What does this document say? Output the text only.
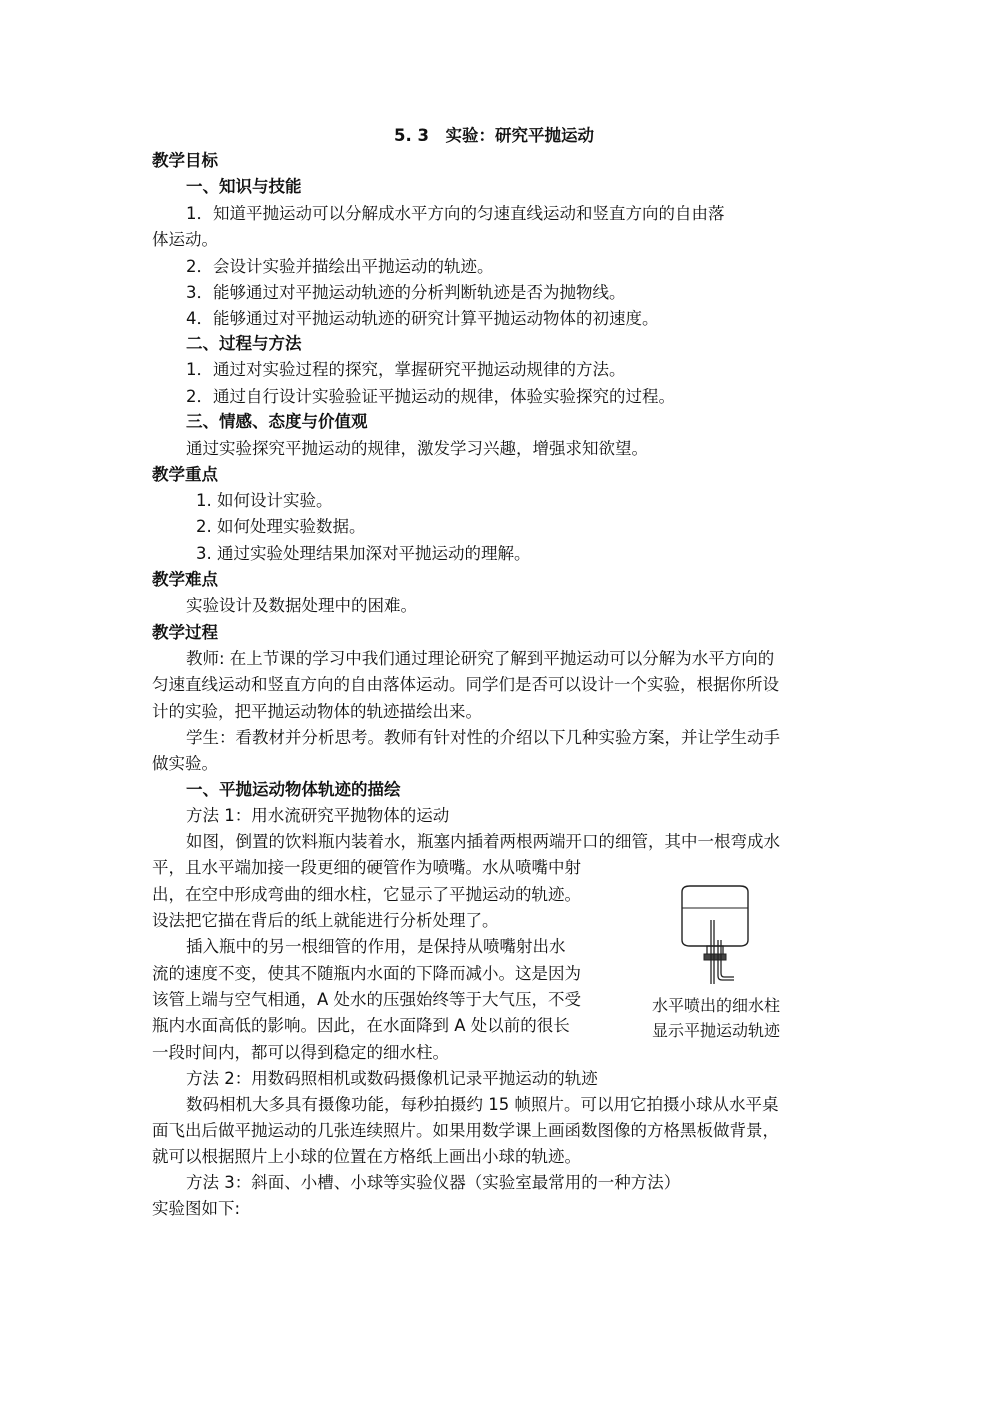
5. 3　实验：研究平抛运动
教学目标
一、知识与技能
1．知道平抛运动可以分解成水平方向的匀速直线运动和竖直方向的自由落
体运动。
2．会设计实验并描绘出平抛运动的轨迹。
3．能够通过对平抛运动轨迹的分析判断轨迹是否为抛物线。
4．能够通过对平抛运动轨迹的研究计算平抛运动物体的初速度。
二、过程与方法
1．通过对实验过程的探究，掌握研究平抛运动规律的方法。
2．通过自行设计实验验证平抛运动的规律，体验实验探究的过程。
三、情感、态度与价值观
通过实验探究平抛运动的规律，激发学习兴趣，增强求知欲望。
教学重点
1. 如何设计实验。
2. 如何处理实验数据。
3. 通过实验处理结果加深对平抛运动的理解。
教学难点
实验设计及数据处理中的困难。
教学过程
教师: 在上节课的学习中我们通过理论研究了解到平抛运动可以分解为水平方向的
匀速直线运动和竖直方向的自由落体运动。同学们是否可以设计一个实验，根据你所设
计的实验，把平抛运动物体的轨迹描绘出来。
学生：看教材并分析思考。教师有针对性的介绍以下几种实验方案，并让学生动手
做实验。
一、平抛运动物体轨迹的描绘
方法 1：用水流研究平抛物体的运动
如图，倒置的饮料瓶内装着水，瓶塞内插着两根两端开口的细管，其中一根弯成水
平，且水平端加接一段更细的硬管作为喷嘴。水从喷嘴中射
出，在空中形成弯曲的细水柱，它显示了平抛运动的轨迹。
设法把它描在背后的纸上就能进行分析处理了。
插入瓶中的另一根细管的作用，是保持从喷嘴射出水
流的速度不变，使其不随瓶内水面的下降而减小。这是因为
该管上端与空气相通，A 处水的压强始终等于大气压，不受
瓶内水面高低的影响。因此，在水面降到 A 处以前的很长
一段时间内，都可以得到稳定的细水柱。
水平喷出的细水柱
显示平抛运动轨迹
方法 2：用数码照相机或数码摄像机记录平抛运动的轨迹
数码相机大多具有摄像功能，每秒拍摄约 15 帧照片。可以用它拍摄小球从水平桌
面飞出后做平抛运动的几张连续照片。如果用数学课上画函数图像的方格黑板做背景，
就可以根据照片上小球的位置在方格纸上画出小球的轨迹。
方法 3：斜面、小槽、小球等实验仪器（实验室最常用的一种方法）
实验图如下:
